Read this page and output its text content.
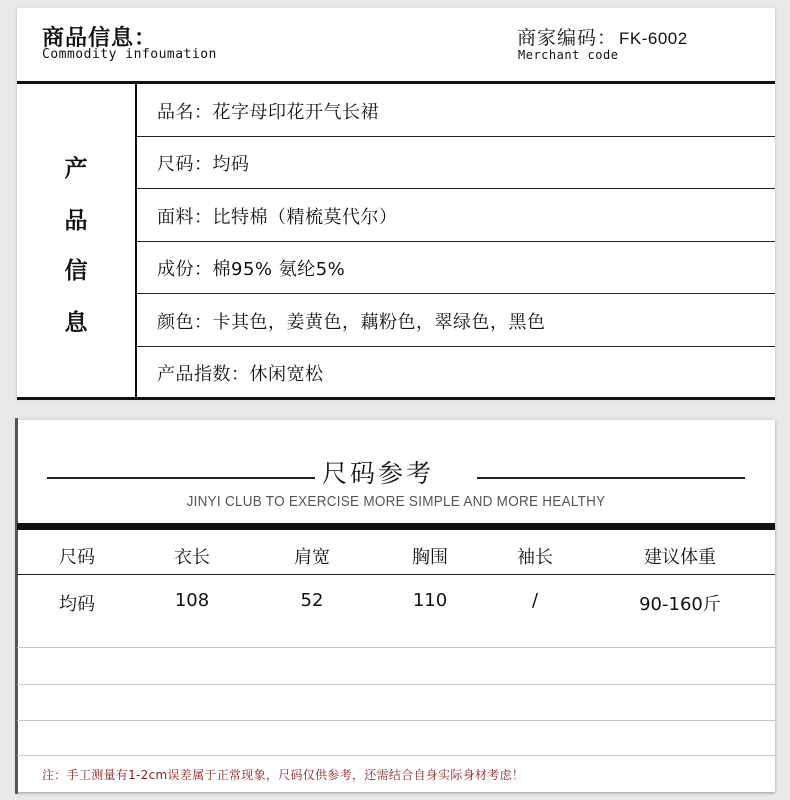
商品信息：
Commodity infoumation
商家编码： FK-6002
Merchant code
产
品
信
息
品名：花字母印花开气长裙
尺码：均码
面料：比特棉（精梳莫代尔）
成份：棉95% 氨纶5%
颜色：卡其色，姜黄色，藕粉色，翠绿色，黑色
产品指数：休闲宽松
尺码参考
JINYI CLUB TO EXERCISE MORE SIMPLE AND MORE HEALTHY
尺码	衣长	肩宽	胸围	袖长	建议体重
均码	108	52	110	/	90-160斤
注：手工测量有1-2cm误差属于正常现象，尺码仅供参考，还需结合自身实际身材考虑！
